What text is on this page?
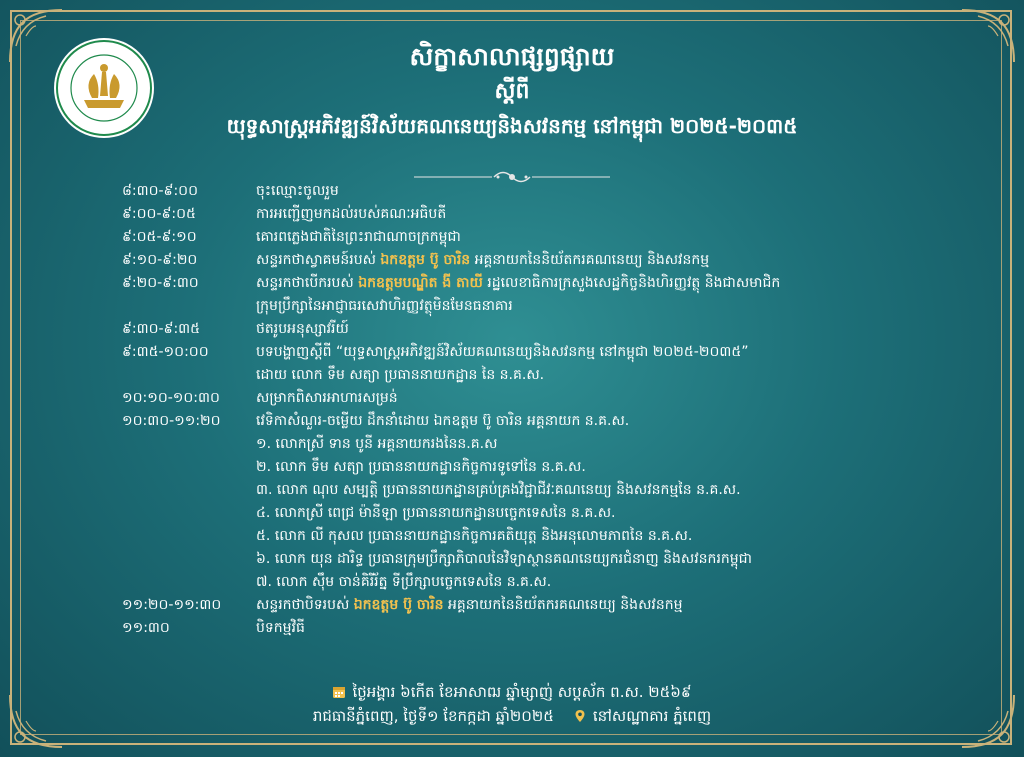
សិក្ខាសាលាផ្សព្វផ្សាយ
ស្តីពី
យុទ្ធសាស្រ្តអភិវឌ្ឍន៍វិស័យគណនេយ្យនិងសវនកម្ម នៅកម្ពុជា ២០២៥-២០៣៥
៨:៣០-៩:០០	ចុះឈ្មោះចូលរួម
៩:០០-៩:០៥	ការអញ្ជើញមកដល់របស់គណៈអធិបតី
៩:០៥-៩:១០	គោរពភ្លេងជាតិនៃព្រះរាជាណាចក្រកម្ពុជា
៩:១០-៩:២០	សន្ទរកថាស្វាគមន៍របស់ ឯកឧត្តម ប៊ូ ចារិន អគ្គនាយកនៃនិយ័តករគណនេយ្យ និងសវនកម្ម
៩:២០-៩:៣០	សន្ទរកថាបើករបស់ ឯកឧត្តមបណ្ឌិត ងី តាយី រដ្ឋលេខាធិការក្រសួងសេដ្ឋកិច្ចនិងហិរញ្ញវត្ថុ និងជាសមាជិក
ក្រុមប្រឹក្សានៃអាជ្ញាធរសេវាហិរញ្ញវត្ថុមិនមែនធនាគារ
៩:៣០-៩:៣៥	ថតរូបអនុស្សាវរីយ៍
៩:៣៥-១០:០០	បទបង្ហាញស្តីពី “យុទ្ធសាស្រ្តអភិវឌ្ឍន៍វិស័យគណនេយ្យនិងសវនកម្ម នៅកម្ពុជា ២០២៥-២០៣៥”
ដោយ លោក ទឹម សត្យា ប្រធាននាយកដ្ឋាន នៃ ន.គ.ស.
១០:១០-១០:៣០	សម្រាកពិសារអាហារសម្រន់
១០:៣០-១១:២០	វេទិកាសំណួរ-ចម្លើយ ដឹកនាំដោយ ឯកឧត្តម ប៊ូ ចារិន អគ្គនាយក ន.គ.ស.
១. លោកស្រី ទាន បូនី អគ្គនាយករងនៃន.គ.ស
២. លោក ទឹម សត្យា ប្រធាននាយកដ្ឋានកិច្ចការទូទៅនៃ ន.គ.ស.
៣. លោក ណុប សម្បត្តិ ប្រធាននាយកដ្ឋានគ្រប់គ្រងវិជ្ជាជីវៈគណនេយ្យ និងសវនកម្មនៃ ន.គ.ស.
៤. លោកស្រី ពេជ្រ ម៉ានីឡា ប្រធាននាយកដ្ឋានបច្ចេកទេសនៃ ន.គ.ស.
៥. លោក លី កុសល ប្រធាននាយកដ្ឋានកិច្ចការគតិយុត្ត និងអនុលោមភាពនៃ ន.គ.ស.
៦. លោក យុន ដារិទ្ធ ប្រធានក្រុមប្រឹក្សាភិបាលនៃវិទ្យាស្ថានគណនេយ្យករជំនាញ និងសវនករកម្ពុជា
៧. លោក ស៊ឹម ចាន់គិរីរ័ត្ន ទីប្រឹក្សាបច្ចេកទេសនៃ ន.គ.ស.
១១:២០-១១:៣០	សន្ទរកថាបិទរបស់ ឯកឧត្តម ប៊ូ ចារិន អគ្គនាយកនៃនិយ័តករគណនេយ្យ និងសវនកម្ម
១១:៣០	បិទកម្មវិធី
ថ្ងៃអង្គារ ៦កើត ខែអាសាឍ ឆ្នាំម្សាញ់ សប្តស័ក ព.ស. ២៥៦៩
រាជធានីភ្នំពេញ, ថ្ងៃទី១ ខែកក្កដា ឆ្នាំ២០២៥	នៅសណ្ឋាគារ ភ្នំពេញ
